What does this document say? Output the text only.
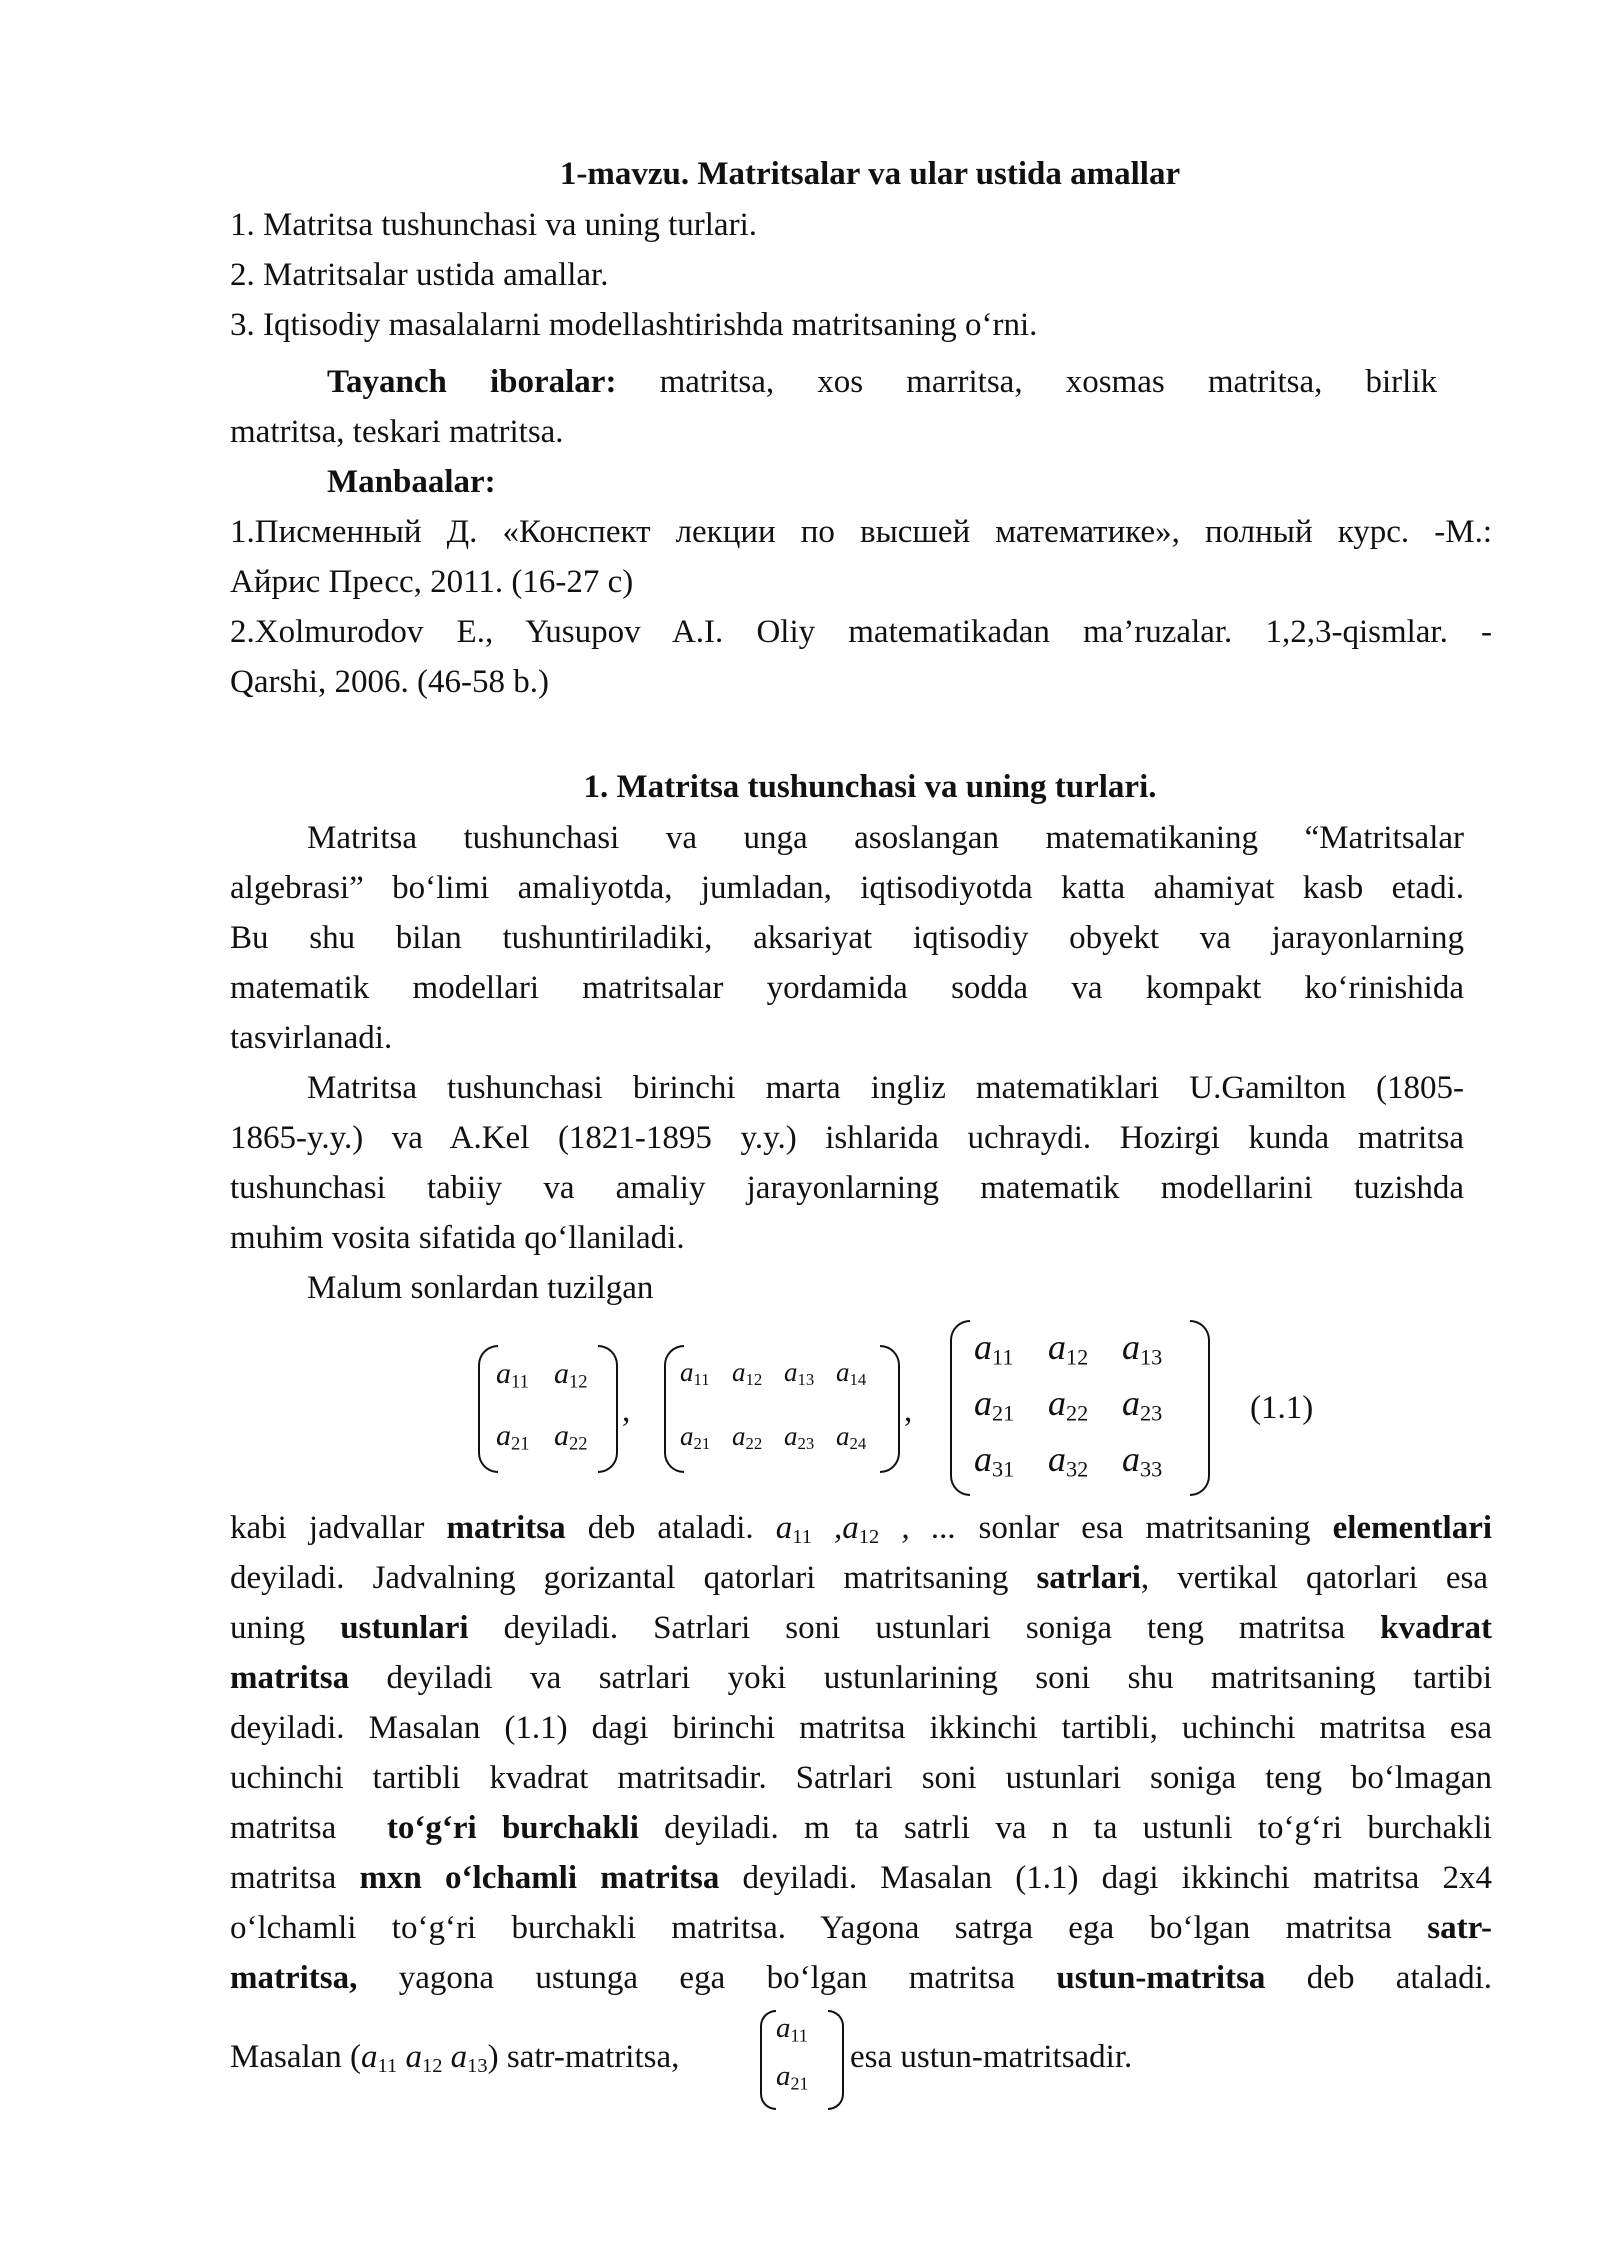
1-mavzu. Matritsalar va ular ustida amallar
1. Matritsa tushunchasi va uning turlari.
2. Matritsalar ustida amallar.
3. Iqtisodiy masalalarni modellashtirishda matritsaning o‘rni.
Tayanch iboralar: matritsa, xos marritsa, xosmas matritsa, birlik
matritsa, teskari matritsa.
Manbaalar:
1.Писменный Д. «Конспект лекции по высшей математике», полный курс. -М.:
Айрис Пресс, 2011. (16-27 с)
2.Xolmurodov E., Yusupov A.I. Oliy matematikadan ma’ruzalar. 1,2,3-qismlar. -
Qarshi, 2006. (46-58 b.)
1. Matritsa tushunchasi va uning turlari.
Matritsa tushunchasi va unga asoslangan matematikaning “Matritsalar
algebrasi” bo‘limi amaliyotda, jumladan, iqtisodiyotda katta ahamiyat kasb etadi.
Bu shu bilan tushuntiriladiki, aksariyat iqtisodiy obyekt va jarayonlarning
matematik modellari matritsalar yordamida sodda va kompakt ko‘rinishida
tasvirlanadi.
Matritsa tushunchasi birinchi marta ingliz matematiklari U.Gamilton (1805-
1865-y.y.) va A.Kel (1821-1895 y.y.) ishlarida uchraydi. Hozirgi kunda matritsa
tushunchasi tabiiy va amaliy jarayonlarning matematik modellarini tuzishda
muhim vosita sifatida qo‘llaniladi.
Malum sonlardan tuzilgan
$a_{11}$ $a_{12}$
$a_{21}$ $a_{22}$
,
$a_{11}$ $a_{12}$ $a_{13}$ $a_{14}$
$a_{21}$ $a_{22}$ $a_{23}$ $a_{24}$
,
$a_{11}$ $a_{12}$ $a_{13}$
$a_{21}$ $a_{22}$ $a_{23}$
$a_{31}$ $a_{32}$ $a_{33}$
(1.1)
kabi jadvallar matritsa deb ataladi. $a_{11}$ $,a_{12}$ , ... sonlar esa matritsaning elementlari
deyiladi. Jadvalning gorizantal qatorlari matritsaning satrlari, vertikal qatorlari esa
uning ustunlari deyiladi. Satrlari soni ustunlari soniga teng matritsa kvadrat
matritsa deyiladi va satrlari yoki ustunlarining soni shu matritsaning tartibi
deyiladi. Masalan (1.1) dagi birinchi matritsa ikkinchi tartibli, uchinchi matritsa esa
uchinchi tartibli kvadrat matritsadir. Satrlari soni ustunlari soniga teng bo‘lmagan
matritsa  to‘g‘ri burchakli deyiladi. m ta satrli va n ta ustunli to‘g‘ri burchakli
matritsa mxn o‘lchamli matritsa deyiladi. Masalan (1.1) dagi ikkinchi matritsa 2x4
o‘lchamli to‘g‘ri burchakli matritsa. Yagona satrga ega bo‘lgan matritsa satr-
matritsa, yagona ustunga ega bo‘lgan matritsa ustun-matritsa deb ataladi.
Masalan ($a_{11}$ $a_{12}$ $a_{13}$) satr-matritsa,
$a_{11}$
$a_{21}$
esa ustun-matritsadir.
